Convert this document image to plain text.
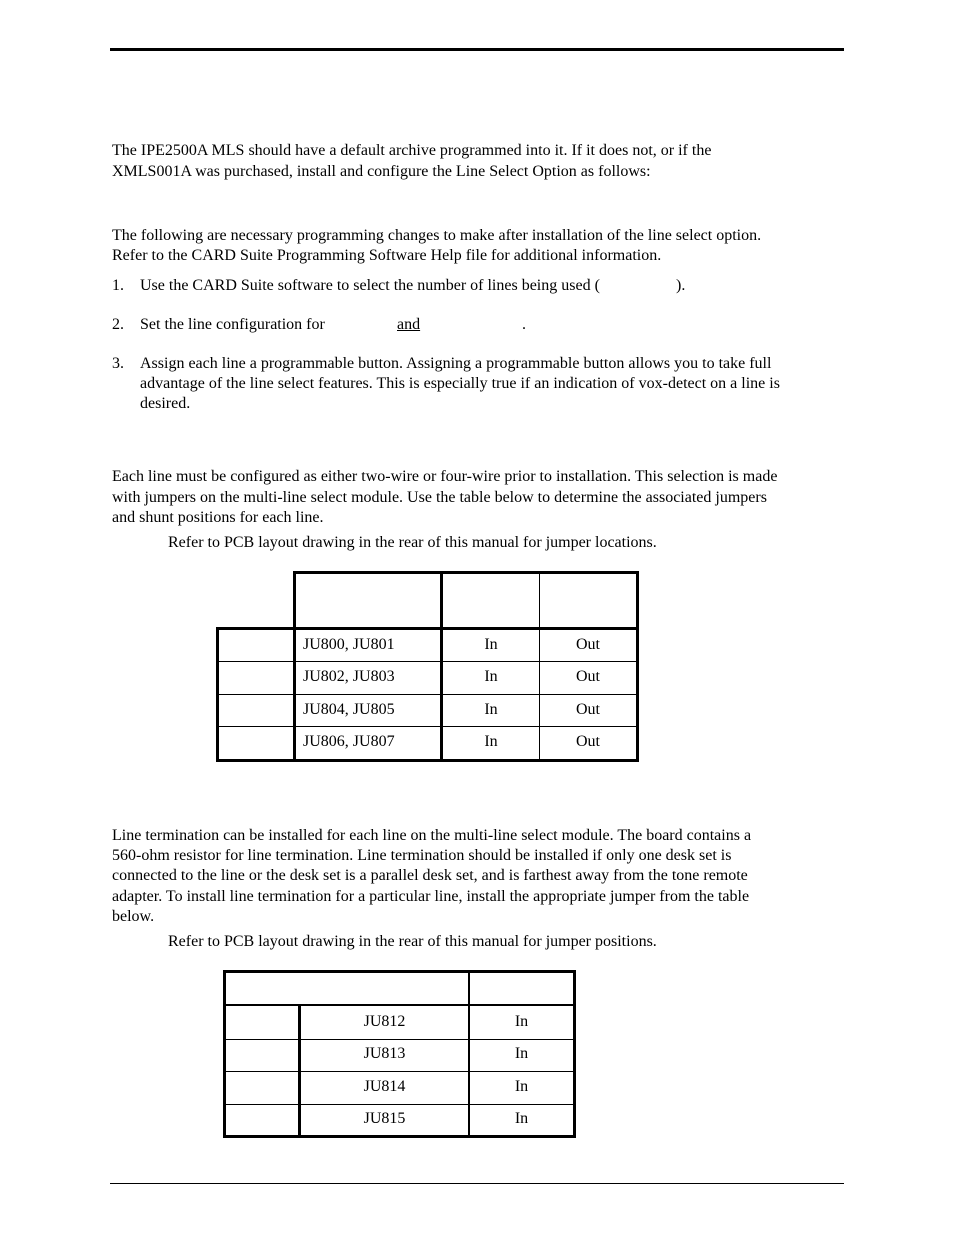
The IPE2500A MLS should have a default archive programmed into it. If it does not, or if the
XMLS001A was purchased, install and configure the Line Select Option as follows:
The following are necessary programming changes to make after installation of the line select option.
Refer to the CARD Suite Programming Software Help file for additional information.
1. Use the CARD Suite software to select the number of lines being used (	).
2. Set the line configuration for	and	.
3. Assign each line a programmable button. Assigning a programmable button allows you to take full
advantage of the line select features. This is especially true if an indication of vox-detect on a line is
desired.
Each line must be configured as either two-wire or four-wire prior to installation. This selection is made
with jumpers on the multi-line select module. Use the table below to determine the associated jumpers
and shunt positions for each line.
Refer to PCB layout drawing in the rear of this manual for jumper locations.
JU800, JU801	In	Out
JU802, JU803	In	Out
JU804, JU805	In	Out
JU806, JU807	In	Out
Line termination can be installed for each line on the multi-line select module. The board contains a
560-ohm resistor for line termination. Line termination should be installed if only one desk set is
connected to the line or the desk set is a parallel desk set, and is farthest away from the tone remote
adapter. To install line termination for a particular line, install the appropriate jumper from the table
below.
Refer to PCB layout drawing in the rear of this manual for jumper positions.
JU812	In
JU813	In
JU814	In
JU815	In
